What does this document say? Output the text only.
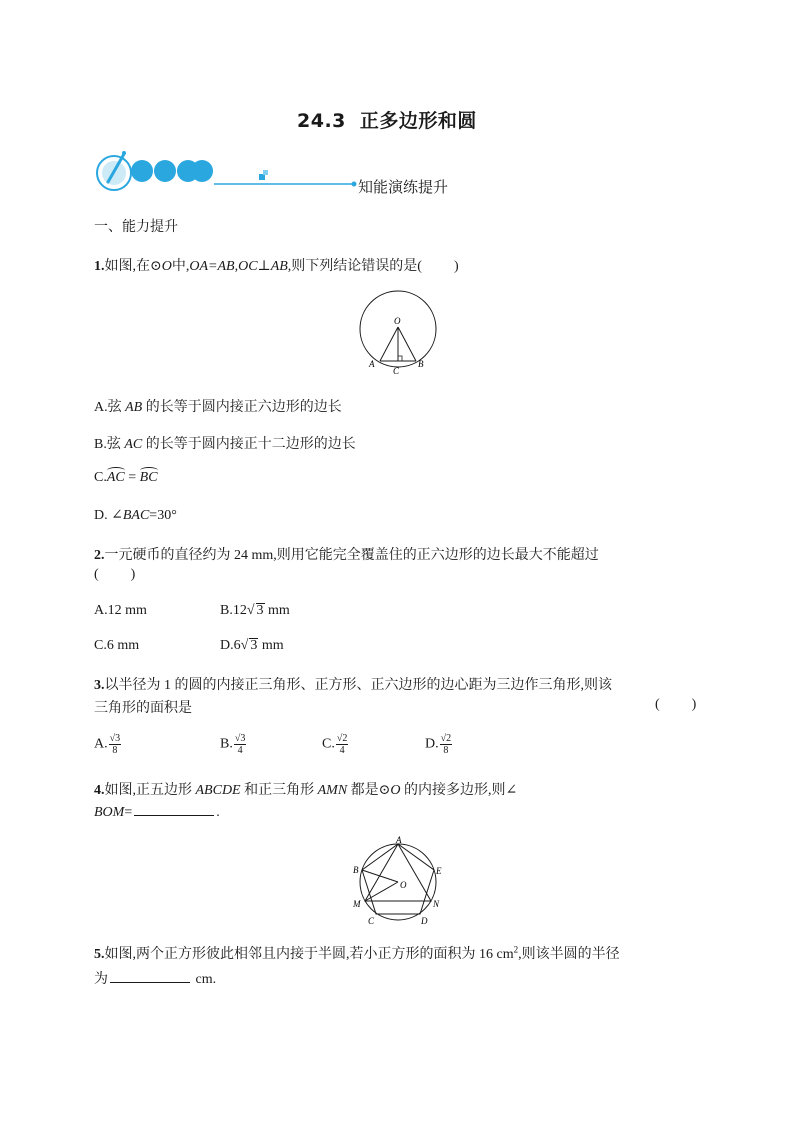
24.3 正多边形和圆
知能演练提升
一、能力提升
1.如图,在⊙O中,OA=AB,OC⊥AB,则下列结论错误的是( )
O
A	B
C
A.弦 AB 的长等于圆内接正六边形的边长
B.弦 AC 的长等于圆内接正十二边形的边长
C.AC = BC
D. ∠BAC=30°
2.一元硬币的直径约为 24 mm,则用它能完全覆盖住的正六边形的边长最大不能超过
( )
A.12 mm	B.12√ 3 mm
C.6 mm	D.6√ 3 mm
3.以半径为 1 的圆的内接正三角形、正方形、正六边形的边心距为三边作三角形,则该
三角形的面积是	( )
A. $\frac{√3}{8}$	B. $\frac{√3}{4}$	C. $\frac{√2}{4}$	D. $\frac{√2}{8}$
4.如图,正五边形 ABCDE 和正三角形 AMN 都是⊙O 的内接多边形,则∠
BOM=	.
A
B
C	D
E
M	N
O
5.如图,两个正方形彼此相邻且内接于半圆,若小正方形的面积为 16 $cm^2$,则该半圆的半径
为	cm.
